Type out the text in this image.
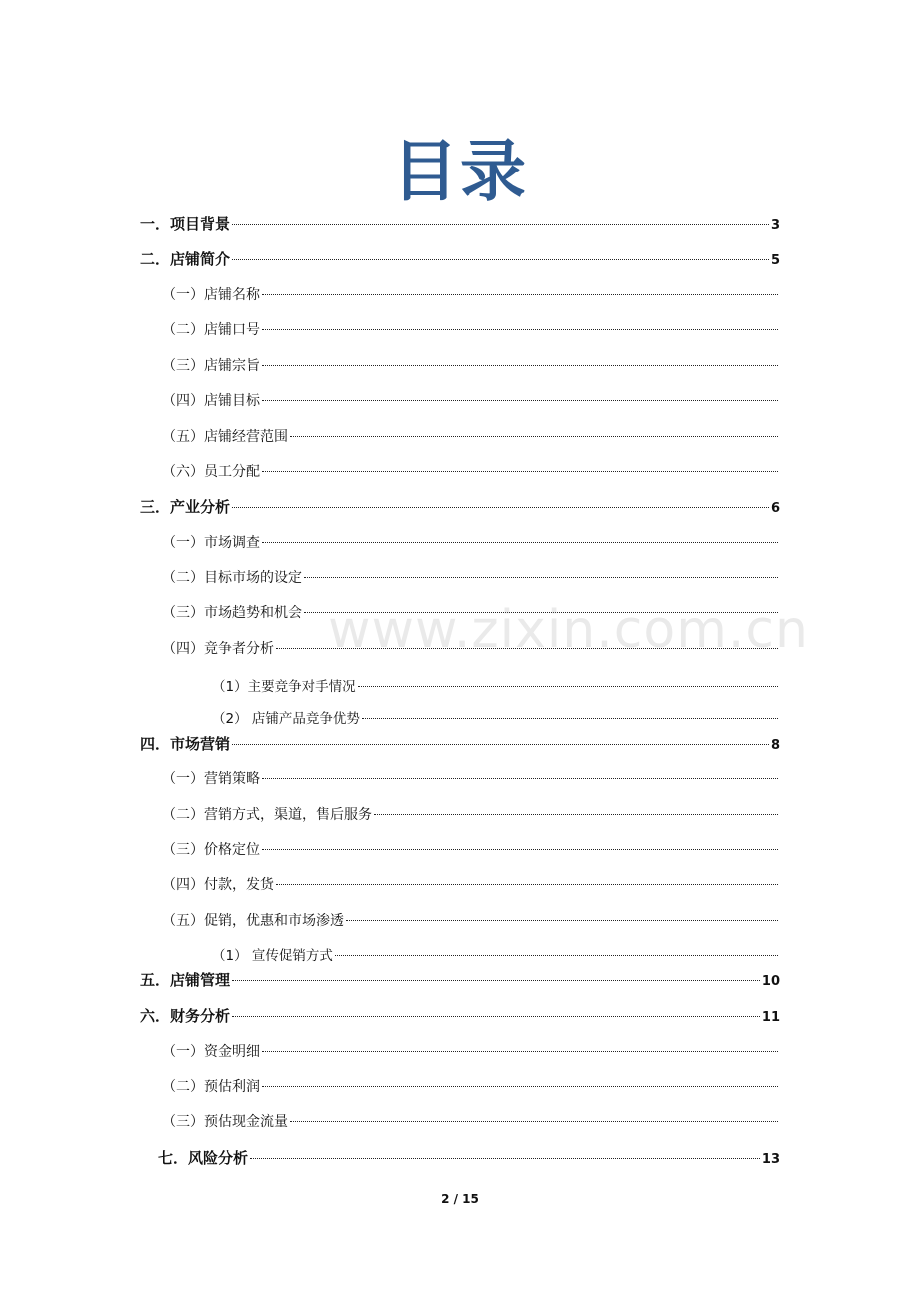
目录
一．项目背景	3
二．店铺简介	5
（一）店铺名称
（二）店铺口号
（三）店铺宗旨
（四）店铺目标
（五）店铺经营范围
（六）员工分配
三．产业分析	6
（一）市场调查
（二）目标市场的设定
（三）市场趋势和机会
（四）竞争者分析
（1）主要竞争对手情况
（2） 店铺产品竞争优势
四．市场营销	8
（一）营销策略
（二）营销方式，渠道，售后服务
（三）价格定位
（四）付款，发货
（五）促销，优惠和市场渗透
（1） 宣传促销方式
五．店铺管理	10
六．财务分析	11
（一）资金明细
（二）预估利润
（三）预估现金流量
七．风险分析	13
www.zixin.com.cn
2 / 15
